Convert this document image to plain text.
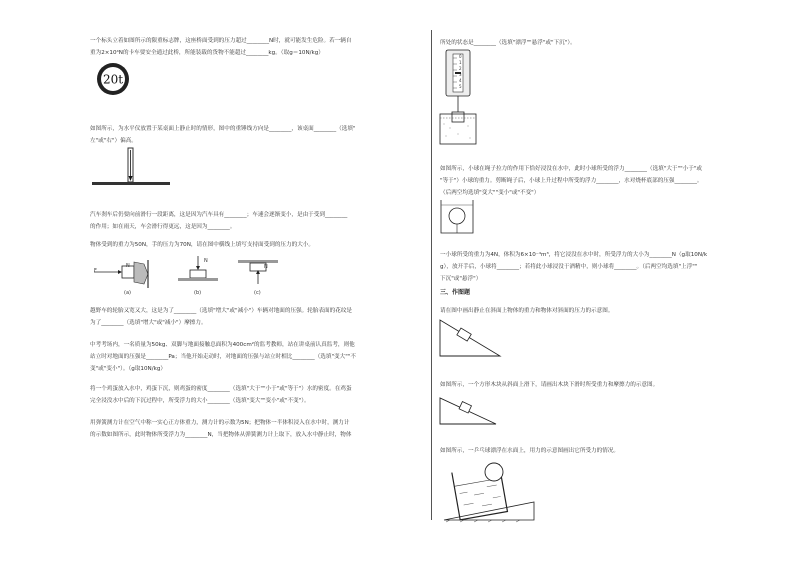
一个标头立着如图所示的限重标志牌，这座桥面受到的压力超过________N时，就可能发生危险。若一辆自
重为2×10⁴N的卡车要安全通过此桥，所能装载的货物不能超过________kg。（取g＝10N/kg）
20t
如图所示，为水平仪放置于某桌面上静止时的情形，图中的重锤线方向是________，该桌面________（选填"
左"或"右"）偏高。
汽车刹车后仍要向前滑行一段距离，这是因为汽车具有________；车速会逐渐变小，是由于受到________
的作用；如在雨天，车会滑行得更远，这是因为________。
物体受到的重力为50N，手的压力为70N，请在图中横线上填写支持面受到的压力的大小。
F
N
(a)
N
(b)
N
(c)
越野车的轮胎又宽又大，这是为了________（选填"增大"或"减小"）车辆对地面的压强。轮胎表面的花纹是
为了________（选填"增大"或"减小"）摩擦力。
中考考场内，一名质量为50kg、双脚与地面接触总面积为400cm²的监考教师，站在讲桌前认真监考，则他
站立时对地面的压强是________Pa；当他开始走动时，对地面的压强与站立时相比________（选填"变大""不
变"或"变小"）。（g取10N/kg）
将一个鸡蛋放入水中，鸡蛋下沉，则鸡蛋的密度________（选填"大于""小于"或"等于"）水的密度。在鸡蛋
完全浸没水中后的下沉过程中，所受浮力的大小________（选填"变大""变小"或"不变"）。
用弹簧测力计在空气中称一实心正方体重力，测力计的示数为5N；把物体一半体积浸入在水中时，测力计
的示数如图所示，此时物体所受浮力为________N，当把物体从弹簧测力计上取下，放入水中静止时，物体
所处的状态是________（选填"漂浮""悬浮"或"下沉"）。
0
1
2
3
4
5
如图所示，小球在绳子拉力的作用下恰好浸没在水中，此时小球所受的浮力________（选填"大于""小于"或
"等于"）小球的重力。剪断绳子后，小球上升过程中所受的浮力________，水对烧杯底部的压强________。
（后两空均选填"变大""变小"或"不变"）
一小球所受的重力为4N，体积为6×10⁻⁴m³，将它浸没在水中时，所受浮力的大小为________N（g取10N/k
g），放开手后，小球将________；若将此小球浸没于酒精中，则小球将________。（后两空均选填"上浮""
下沉"或"悬浮"）
三、作图题
请在图中画出静止在斜面上物体的重力和物体对斜面的压力的示意图。
如图所示，一个方形木块从斜面上滑下，请画出木块下滑时所受重力和摩擦力的示意图。
如图所示，一乒乓球漂浮在水面上，用力的示意图画出它所受力的情况。
